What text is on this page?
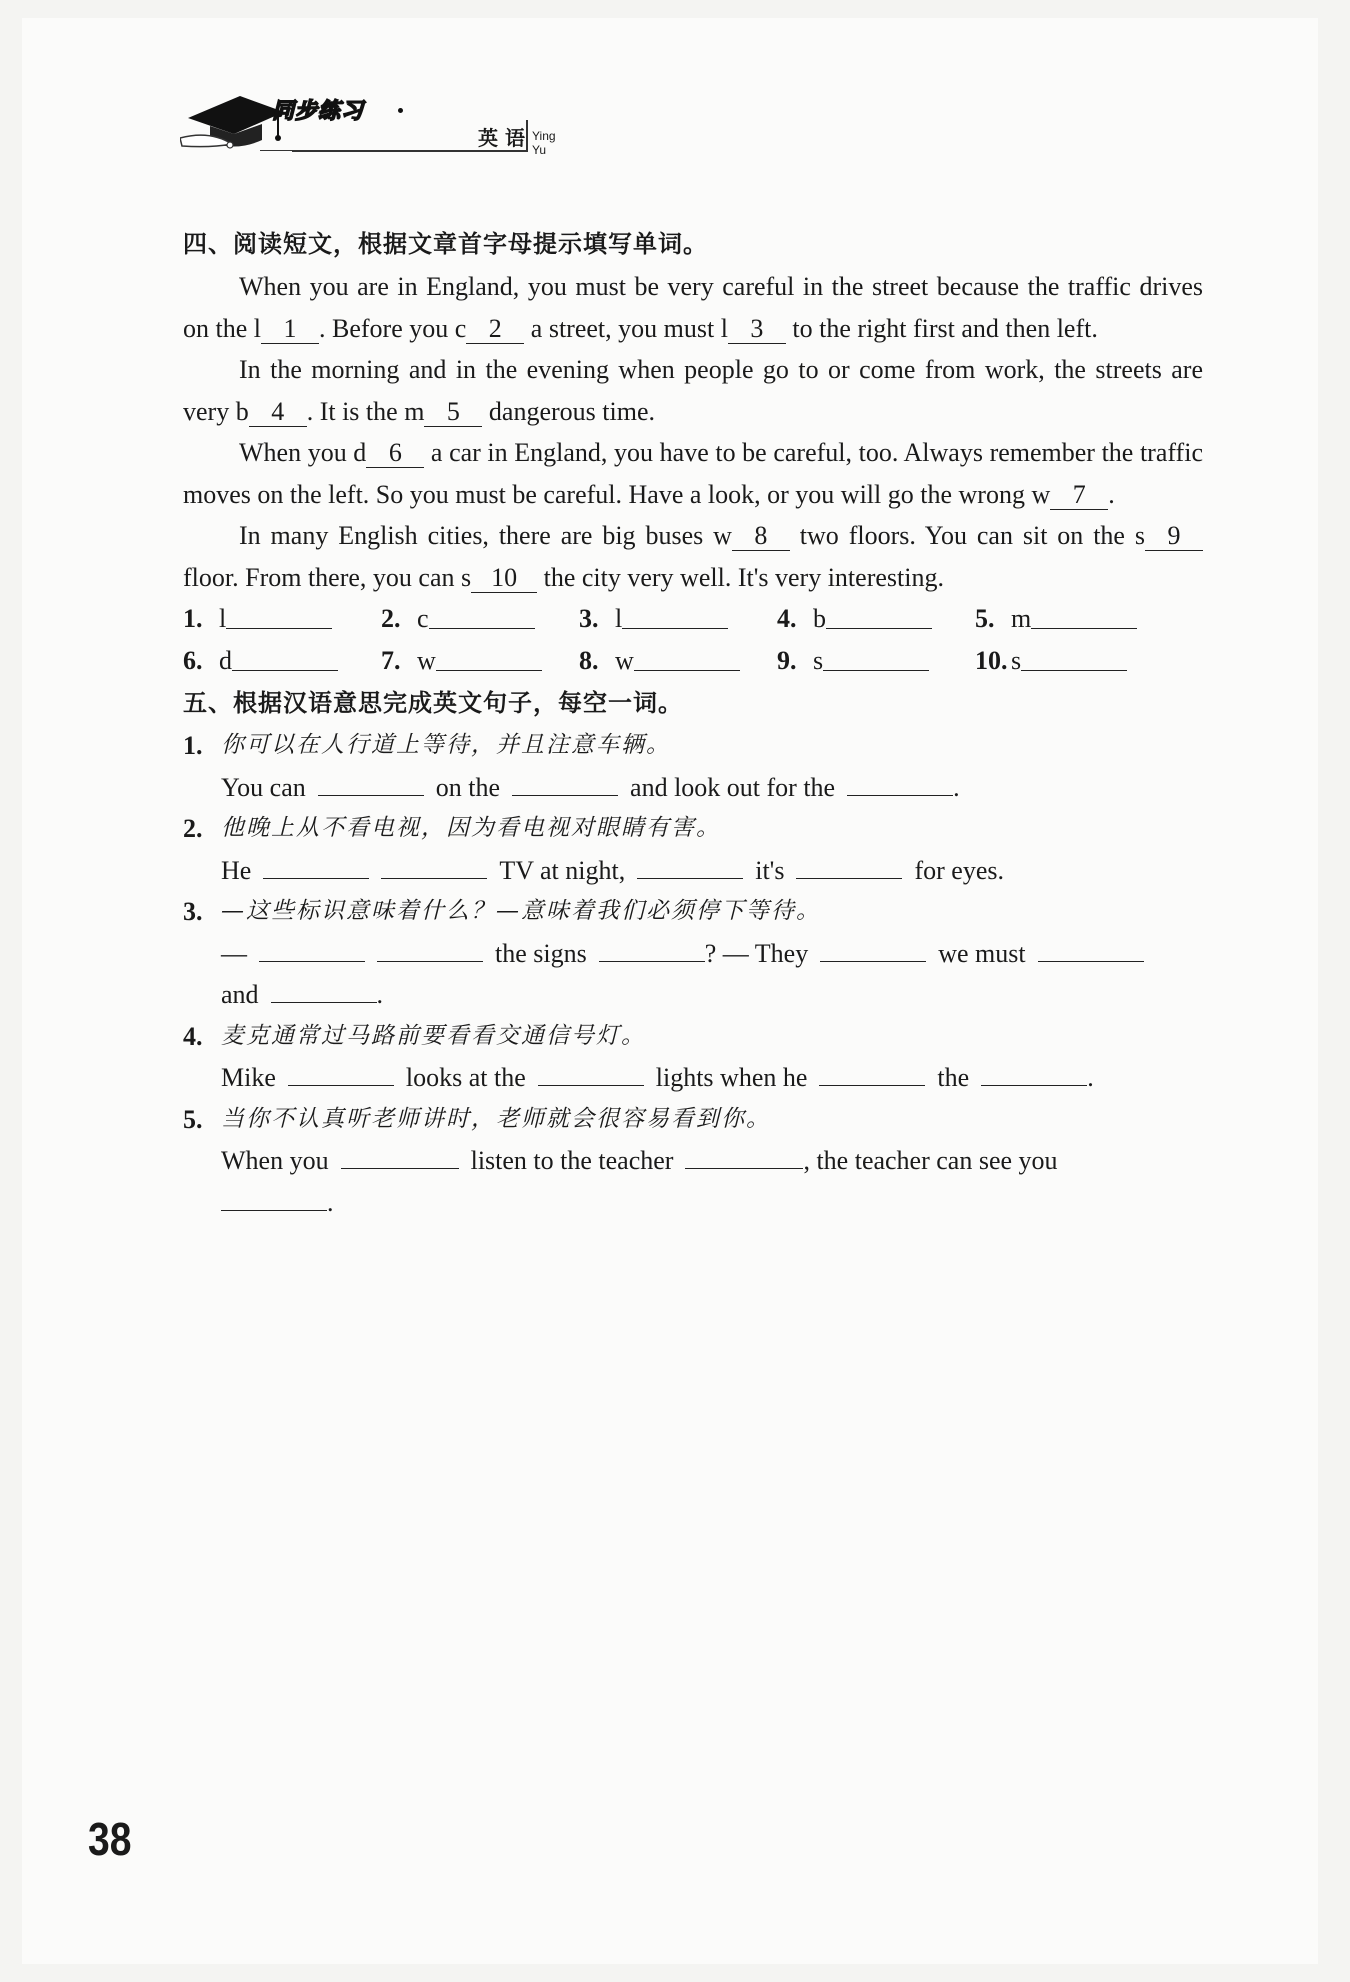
同步练习
英 语 Ying Yu
四、阅读短文，根据文章首字母提示填写单词。

When you are in England, you must be very careful in the street because the traffic drives on the l 1 . Before you c 2 a street, you must l 3 to the right first and then left.

In the morning and in the evening when people go to or come from work, the streets are very b 4 . It is the m 5 dangerous time.

When you d 6 a car in England, you have to be careful, too. Always remember the traffic moves on the left. So you must be careful. Have a look, or you will go the wrong w 7 .

In many English cities, there are big buses w 8 two floors. You can sit on the s 9 floor. From there, you can s 10 the city very well. It's very interesting.

1. l	2. c	3. l	4. b	5. m
6. d	7. w	8. w	9. s	10. s
五、根据汉语意思完成英文句子，每空一词。
1. 你可以在人行道上等待，并且注意车辆。
You can	on the	and look out for the	.
2. 他晚上从不看电视，因为看电视对眼睛有害。
He	TV at night,	it's	for eyes.
3. —这些标识意味着什么？—意味着我们必须停下等待。
—	the signs	? — They	we must
and	.
4. 麦克通常过马路前要看看交通信号灯。
Mike	looks at the	lights when he	the	.
5. 当你不认真听老师讲时，老师就会很容易看到你。
When you	listen to the teacher	, the teacher can see you
.
38
